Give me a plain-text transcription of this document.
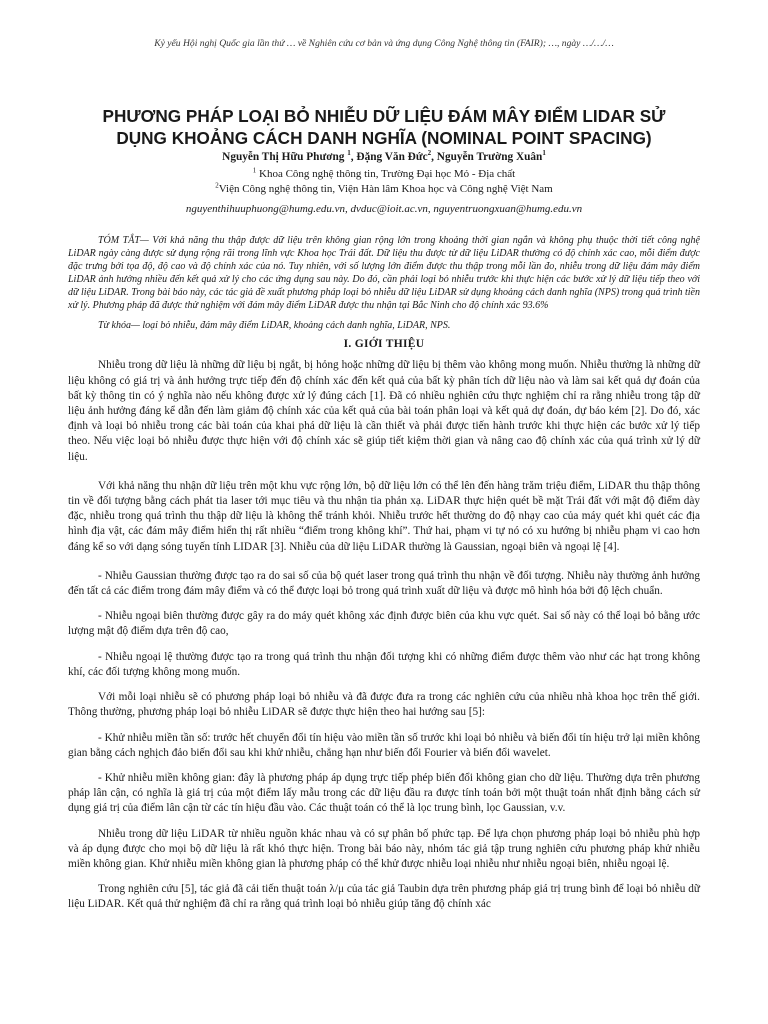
Kỷ yếu Hội nghị Quốc gia lần thứ … về Nghiên cứu cơ bản và ứng dụng Công Nghệ thông tin (FAIR); …, ngày …/…/…
PHƯƠNG PHÁP LOẠI BỎ NHIỄU DỮ LIỆU ĐÁM MÂY ĐIỂM LIDAR SỬ
DỤNG KHOẢNG CÁCH DANH NGHĨA (NOMINAL POINT SPACING)
Nguyễn Thị Hữu Phương $^1$, Đặng Văn Đức$^2$, Nguyễn Trường Xuân$^1$
$^1$ Khoa Công nghệ thông tin, Trường Đại học Mỏ - Địa chất
$^2$Viện Công nghệ thông tin, Viện Hàn lâm Khoa học và Công nghệ Việt Nam
nguyenthihuuphuong@humg.edu.vn, dvduc@ioit.ac.vn, nguyentruongxuan@humg.edu.vn

TÓM TẮT— Với khả năng thu thập được dữ liệu trên không gian rộng lớn trong khoảng thời gian ngắn và không phụ thuộc thời tiết công nghệ LiDAR ngày càng được sử dụng rộng rãi trong lĩnh vực Khoa học Trái đất. Dữ liệu thu được từ dữ liệu LiDAR thường có độ chính xác cao, mỗi điểm được đặc trưng bởi tọa độ, độ cao và độ chính xác của nó. Tuy nhiên, với số lượng lớn điểm được thu thập trong mỗi lần đo, nhiễu trong dữ liệu đám mây điểm LiDAR ảnh hưởng nhiều đến kết quả xử lý cho các ứng dụng sau này. Do đó, cần phải loại bỏ nhiễu trước khi thực hiện các bước xử lý dữ liệu tiếp theo với dữ liệu LiDAR. Trong bài báo này, các tác giả đề xuất phương pháp loại bỏ nhiễu dữ liệu LiDAR sử dụng khoảng cách danh nghĩa (NPS) trong quá trình tiền xử lý. Phương pháp đã được thử nghiệm với đám mây điểm LiDAR được thu nhận tại Bắc Ninh cho độ chính xác 93.6%

Từ khóa— loại bỏ nhiễu, đám mây điểm LiDAR, khoảng cách danh nghĩa, LiDAR, NPS.

I. GIỚI THIỆU

Nhiễu trong dữ liệu là những dữ liệu bị ngắt, bị hỏng hoặc những dữ liệu bị thêm vào không mong muốn. Nhiễu thường là những dữ liệu không có giá trị và ảnh hưởng trực tiếp đến độ chính xác đến kết quả của bất kỳ phân tích dữ liệu nào và làm sai kết quả dự đoán của bất kỳ thông tin có ý nghĩa nào nếu không được xử lý đúng cách [1]. Đã có nhiều nghiên cứu thực nghiệm chỉ ra rằng nhiễu trong tập dữ liệu ảnh hưởng đáng kể dẫn đến làm giảm độ chính xác của kết quả của bài toán phân loại và kết quả dự đoán, dự báo kém [2]. Do đó, xác định và loại bỏ nhiễu trong các bài toán của khai phá dữ liệu là cần thiết và phải được tiến hành trước khi thực hiện các bước xử lý tiếp theo. Nếu việc loại bỏ nhiễu được thực hiện với độ chính xác sẽ giúp tiết kiệm thời gian và nâng cao độ chính xác của quá trình xử lý dữ liệu.

Với khả năng thu nhận dữ liệu trên một khu vực rộng lớn, bộ dữ liệu lớn có thể lên đến hàng trăm triệu điểm, LiDAR thu thập thông tin về đối tượng bằng cách phát tia laser tới mục tiêu và thu nhận tia phản xạ. LiDAR thực hiện quét bề mặt Trái đất với mật độ điểm dày đặc, nhiễu trong quá trình thu thập dữ liệu là không thể tránh khỏi. Nhiễu trước hết thường do độ nhạy cao của máy quét khi quét các địa hình địa vật, các đám mây điểm hiển thị rất nhiều “điểm trong không khí”. Thứ hai, phạm vi tự nó có xu hướng bị nhiễu phạm vi cao hơn đáng kể so với dạng sóng tuyến tính LIDAR [3]. Nhiễu của dữ liệu LiDAR thường là Gaussian, ngoại biên và ngoại lệ [4].

- Nhiễu Gaussian thường được tạo ra do sai số của bộ quét laser trong quá trình thu nhận về đối tượng. Nhiễu này thường ảnh hưởng đến tất cả các điểm trong đám mây điểm và có thể được loại bỏ trong quá trình xuất dữ liệu và được mô hình hóa bởi độ lệch chuẩn.

- Nhiễu ngoại biên thường được gây ra do máy quét không xác định được biên của khu vực quét. Sai số này có thể loại bỏ bằng ước lượng mật độ điểm dựa trên độ cao,

- Nhiễu ngoại lệ thường được tạo ra trong quá trình thu nhận đối tượng khi có những điểm được thêm vào như các hạt trong không khí, các đối tượng không mong muốn.

Với mỗi loại nhiễu sẽ có phương pháp loại bỏ nhiễu và đã được đưa ra trong các nghiên cứu của nhiều nhà khoa học trên thế giới. Thông thường, phương pháp loại bỏ nhiễu LiDAR sẽ được thực hiện theo hai hướng sau [5]:

- Khử nhiễu miền tần số: trước hết chuyển đổi tín hiệu vào miền tần số trước khi loại bỏ nhiễu và biến đổi tín hiệu trở lại miền không gian bằng cách nghịch đảo biến đổi sau khi khử nhiễu, chẳng hạn như biến đổi Fourier và biến đổi wavelet.

- Khử nhiễu miền không gian: đây là phương pháp áp dụng trực tiếp phép biến đổi không gian cho dữ liệu. Thường dựa trên phương pháp lân cận, có nghĩa là giá trị của một điểm lấy mẫu trong các dữ liệu đầu ra được tính toán bởi một thuật toán nhất định bằng cách sử dụng giá trị của điểm lân cận từ các tín hiệu đầu vào. Các thuật toán có thể là lọc trung bình, lọc Gaussian, v.v.

Nhiễu trong dữ liệu LiDAR từ nhiều nguồn khác nhau và có sự phân bố phức tạp. Để lựa chọn phương pháp loại bỏ nhiễu phù hợp và áp dụng được cho mọi bộ dữ liệu là rất khó thực hiện. Trong bài báo này, nhóm tác giả tập trung nghiên cứu phương pháp khử nhiễu miền không gian. Khử nhiễu miền không gian là phương pháp có thể khử được nhiễu loại nhiễu như nhiễu ngoại biên, nhiễu ngoại lệ.

Trong nghiên cứu [5], tác giả đã cải tiến thuật toán λ/μ của tác giả Taubin dựa trên phương pháp giá trị trung bình để loại bỏ nhiễu dữ liệu LiDAR. Kết quả thử nghiệm đã chỉ ra rằng quá trình loại bỏ nhiễu giúp tăng độ chính xác
